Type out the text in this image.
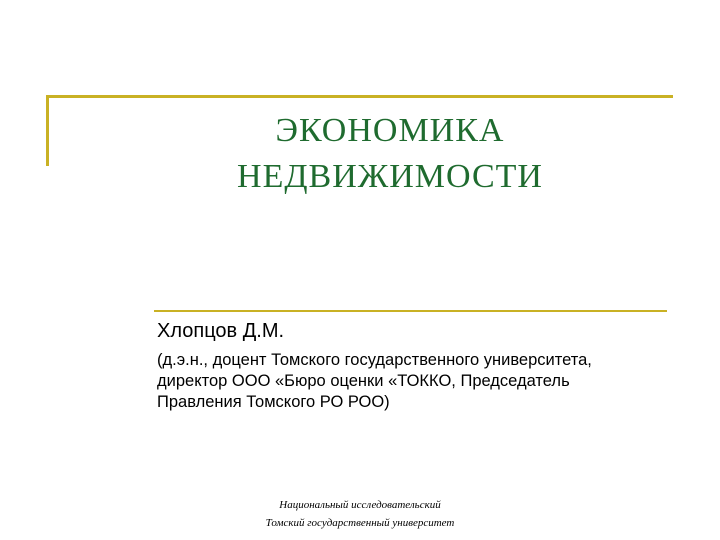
ЭКОНОМИКА
НЕДВИЖИМОСТИ
Хлопцов Д.М.
(д.э.н., доцент Томского государственного университета,
директор ООО «Бюро оценки «ТОККО, Председатель
Правления Томского РО РОО)
Национальный исследовательский
Томский государственный университет
